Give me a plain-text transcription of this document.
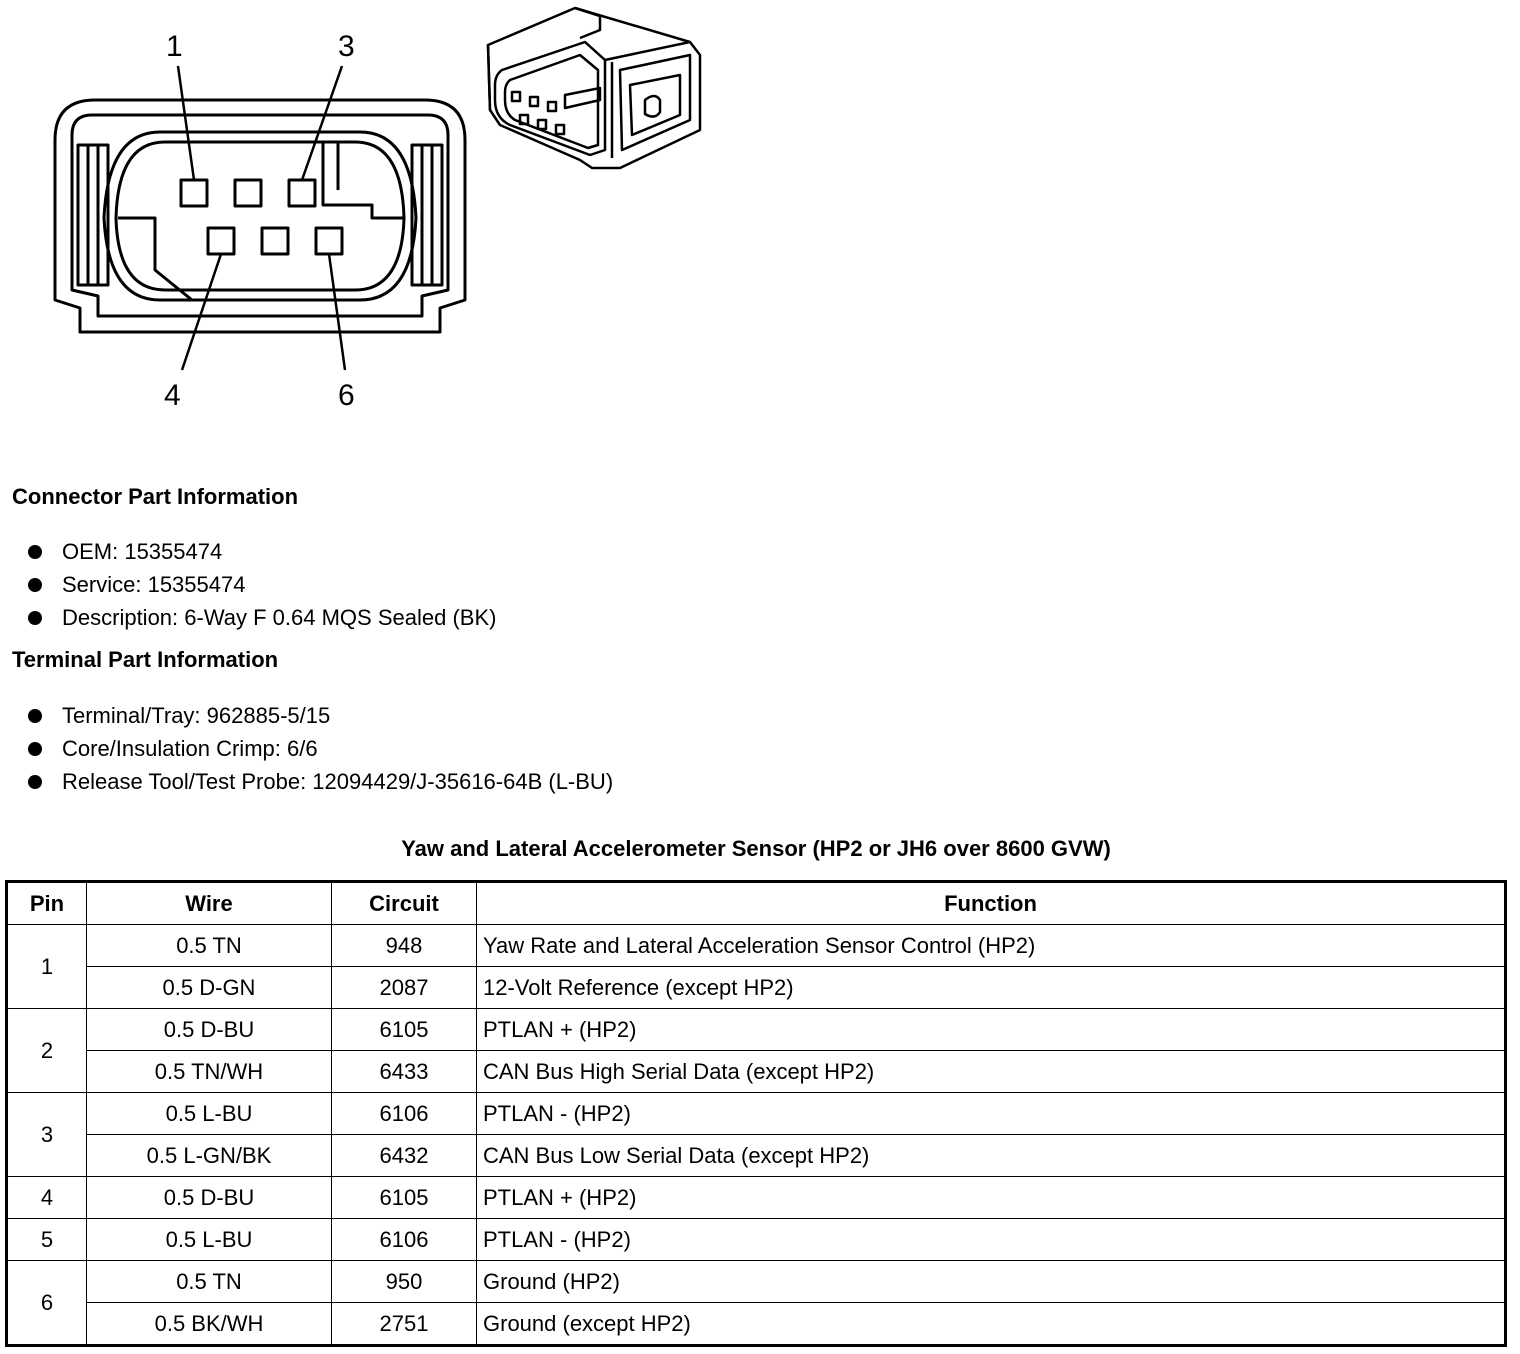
1	3
4	6
Connector Part Information
OEM: 15355474
Service: 15355474
Description: 6-Way F 0.64 MQS Sealed (BK)
Terminal Part Information
Terminal/Tray: 962885-5/15
Core/Insulation Crimp: 6/6
Release Tool/Test Probe: 12094429/J-35616-64B (L-BU)
Yaw and Lateral Accelerometer Sensor (HP2 or JH6 over 8600 GVW)
Pin	Wire	Circuit	Function
1	0.5 TN	948	Yaw Rate and Lateral Acceleration Sensor Control (HP2)
	0.5 D-GN	2087	12-Volt Reference (except HP2)
2	0.5 D-BU	6105	PTLAN + (HP2)
	0.5 TN/WH	6433	CAN Bus High Serial Data (except HP2)
3	0.5 L-BU	6106	PTLAN - (HP2)
	0.5 L-GN/BK	6432	CAN Bus Low Serial Data (except HP2)
4	0.5 D-BU	6105	PTLAN + (HP2)
5	0.5 L-BU	6106	PTLAN - (HP2)
6	0.5 TN	950	Ground (HP2)
	0.5 BK/WH	2751	Ground (except HP2)
